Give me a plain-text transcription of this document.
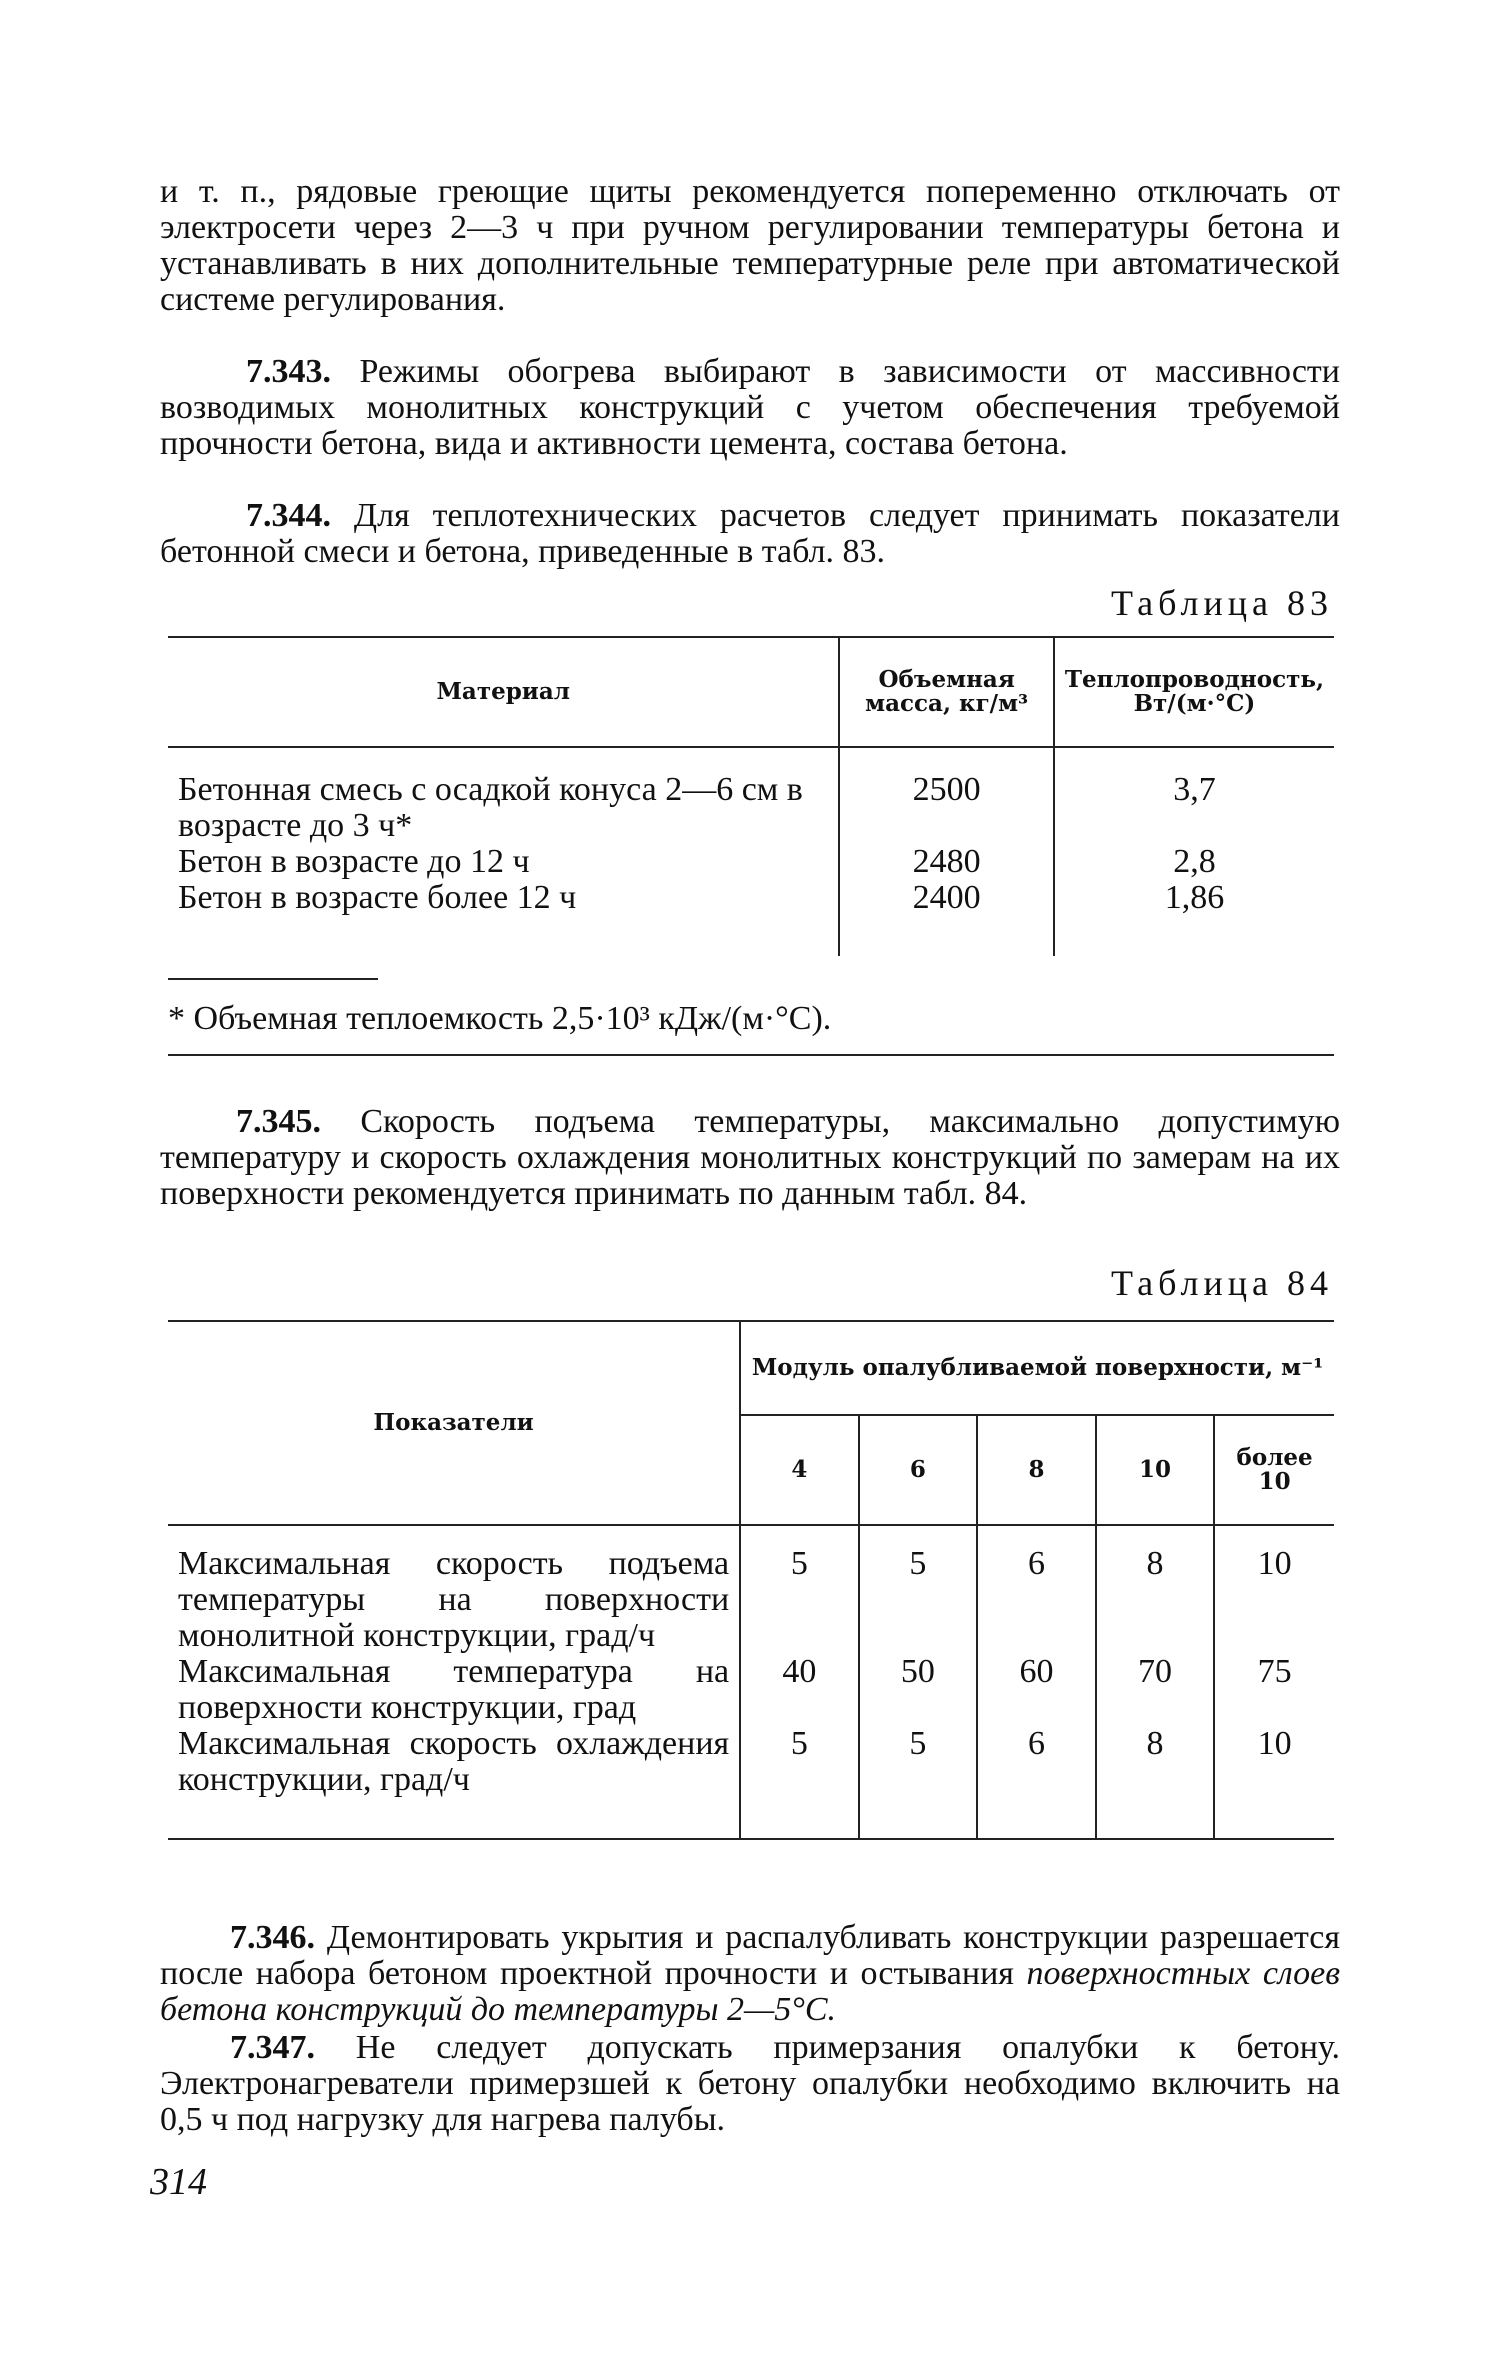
и т. п., рядовые греющие щиты рекомендуется попеременно отключать от электросети через 2—3 ч при ручном регулировании температуры бетона и устанавливать в них дополнительные температурные реле при автоматической системе регулирования.

7.343. Режимы обогрева выбирают в зависимости от массивности возводимых монолитных конструкций с учетом обеспечения требуемой прочности бетона, вида и активности цемента, состава бетона.

7.344. Для теплотехнических расчетов следует принимать показатели бетонной смеси и бетона, приведенные в табл. 83.

Таблица 83
Материал	Объемная масса, кг/м³	Теплопроводность, Вт/(м·°C)
Бетонная смесь с осадкой конуса 2—6 см в возрасте до 3 ч*	2500	3,7
Бетон в возрасте до 12 ч	2480	2,8
Бетон в возрасте более 12 ч	2400	1,86
* Объемная теплоемкость 2,5·10³ кДж/(м·°C).

7.345. Скорость подъема температуры, максимально допустимую температуру и скорость охлаждения монолитных конструкций по замерам на их поверхности рекомендуется принимать по данным табл. 84.

Таблица 84
Показатели	Модуль опалубливаемой поверхности, м⁻¹				
	4	6	8	10	более 10
Максимальная скорость подъема температуры на поверхности монолитной конструкции, град/ч	5	5	6	8	10
Максимальная температура на поверхности конструкции, град	40	50	60	70	75
Максимальная скорость охлаждения конструкции, град/ч	5	5	6	8	10

7.346. Демонтировать укрытия и распалубливать конструкции разрешается после набора бетоном проектной прочности и остывания поверхностных слоев бетона конструкций до температуры 2—5°C.

7.347. Не следует допускать примерзания опалубки к бетону. Электронагреватели примерзшей к бетону опалубки необходимо включить на 0,5 ч под нагрузку для нагрева палубы.

314
